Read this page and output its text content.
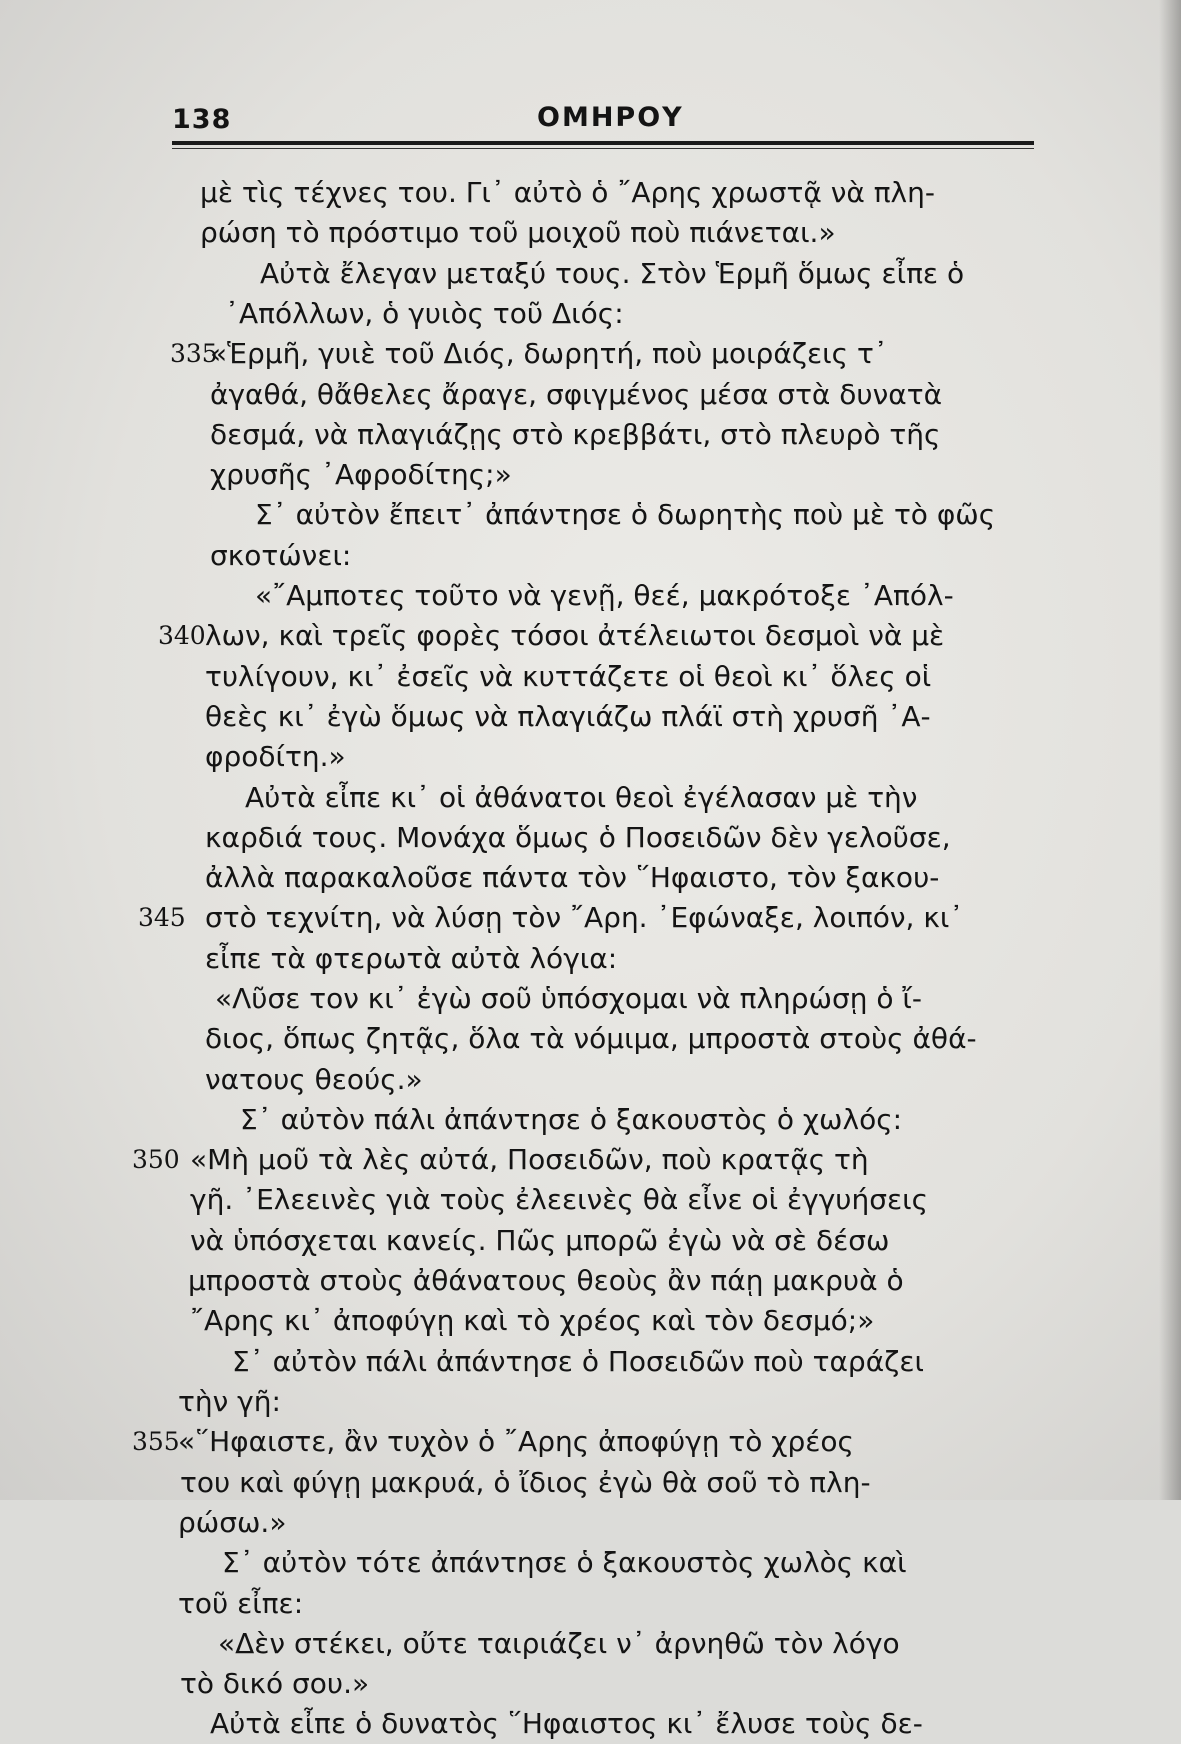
138	ΟΜΗΡΟΥ
μὲ τὶς τέχνες του. Γι᾽ αὐτὸ ὁ ῎Αρης χρωστᾷ νὰ πλη-
ρώση τὸ πρόστιμο τοῦ μοιχοῦ ποὺ πιάνεται.»
Αὐτὰ ἔλεγαν μεταξύ τους. Στὸν Ἑρμῆ ὅμως εἶπε ὁ
᾽Απόλλων, ὁ γυιὸς τοῦ Διός:
335
«Ἑρμῆ, γυιὲ τοῦ Διός, δωρητή, ποὺ μοιράζεις τ᾽
ἀγαθά, θἄθελες ἄραγε, σφιγμένος μέσα στὰ δυνατὰ
δεσμά, νὰ πλαγιάζῃς στὸ κρεββάτι, στὸ πλευρὸ τῆς
χρυσῆς ᾽Αφροδίτης;»
Σ᾽ αὐτὸν ἔπειτ᾽ ἀπάντησε ὁ δωρητὴς ποὺ μὲ τὸ φῶς
σκοτώνει:
«῎Αμποτες τοῦτο νὰ γενῇ, θεέ, μακρότοξε ᾽Απόλ-
340 λων, καὶ τρεῖς φορὲς τόσοι ἀτέλειωτοι δεσμοὶ νὰ μὲ
τυλίγουν, κι᾽ ἐσεῖς νὰ κυττάζετε οἱ θεοὶ κι᾽ ὅλες οἱ
θεὲς κι᾽ ἐγὼ ὅμως νὰ πλαγιάζω πλάϊ στὴ χρυσῆ ᾽Α-
φροδίτη.»
Αὐτὰ εἶπε κι᾽ οἱ ἀθάνατοι θεοὶ ἐγέλασαν μὲ τὴν
καρδιά τους. Μονάχα ὅμως ὁ Ποσειδῶν δὲν γελοῦσε,
ἀλλὰ παρακαλοῦσε πάντα τὸν ῞Ηφαιστο, τὸν ξακου-
345 στὸ τεχνίτη, νὰ λύσῃ τὸν ῎Αρη. ᾽Εφώναξε, λοιπόν, κι᾽
εἶπε τὰ φτερωτὰ αὐτὰ λόγια:
«Λῦσε τον κι᾽ ἐγὼ σοῦ ὑπόσχομαι νὰ πληρώσῃ ὁ ἴ-
διος, ὅπως ζητᾷς, ὅλα τὰ νόμιμα, μπροστὰ στοὺς ἀθά-
νατους θεούς.»
Σ᾽ αὐτὸν πάλι ἀπάντησε ὁ ξακουστὸς ὁ χωλός:
350 «Μὴ μοῦ τὰ λὲς αὐτά, Ποσειδῶν, ποὺ κρατᾷς τὴ
γῆ. ᾽Ελεεινὲς γιὰ τοὺς ἐλεεινὲς θὰ εἶνε οἱ ἐγγυήσεις
νὰ ὑπόσχεται κανείς. Πῶς μπορῶ ἐγὼ νὰ σὲ δέσω
μπροστὰ στοὺς ἀθάνατους θεοὺς ἂν πάῃ μακρυὰ ὁ
῎Αρης κι᾽ ἀποφύγῃ καὶ τὸ χρέος καὶ τὸν δεσμό;»
Σ᾽ αὐτὸν πάλι ἀπάντησε ὁ Ποσειδῶν ποὺ ταράζει
τὴν γῆ:
355
«῞Ηφαιστε, ἂν τυχὸν ὁ ῎Αρης ἀποφύγῃ τὸ χρέος
του καὶ φύγῃ μακρυά, ὁ ἴδιος ἐγὼ θὰ σοῦ τὸ πλη-
ρώσω.»
Σ᾽ αὐτὸν τότε ἀπάντησε ὁ ξακουστὸς χωλὸς καὶ
τοῦ εἶπε:
«Δὲν στέκει, οὔτε ταιριάζει ν᾽ ἀρνηθῶ τὸν λόγο
τὸ δικό σου.»
Αὐτὰ εἶπε ὁ δυνατὸς ῞Ηφαιστος κι᾽ ἔλυσε τοὺς δε-
